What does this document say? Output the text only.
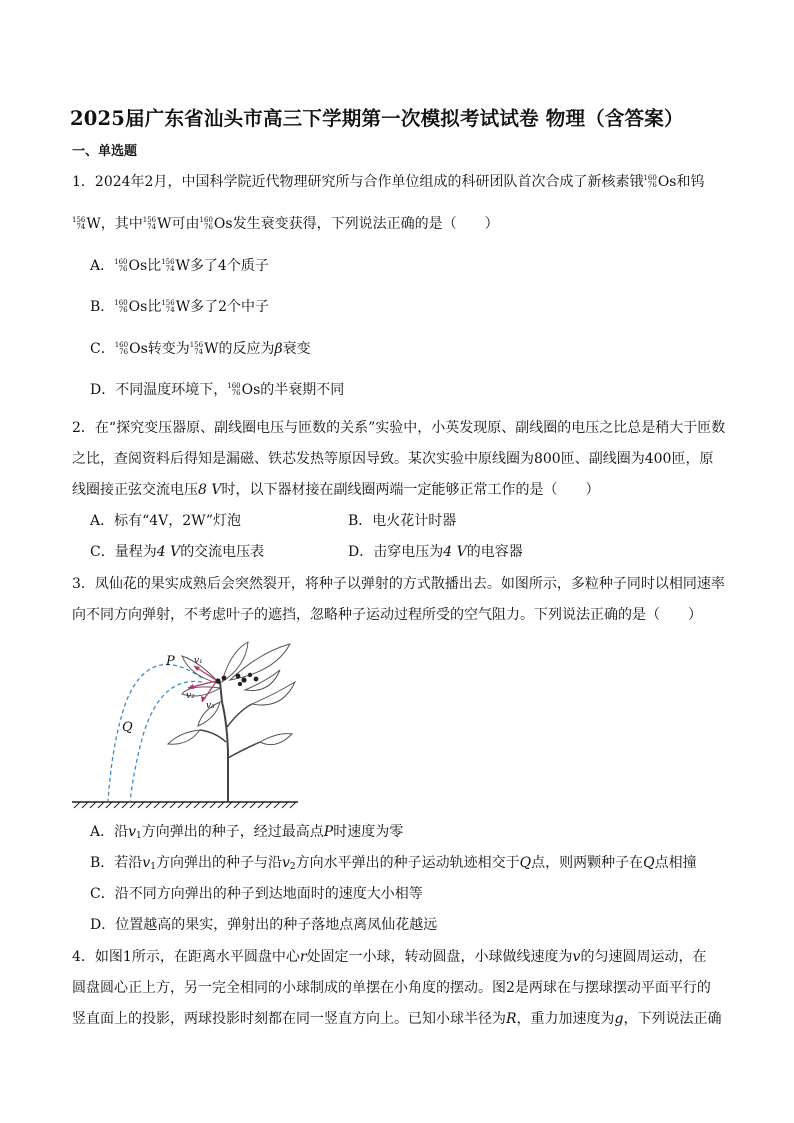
2025届广东省汕头市高三下学期第一次模拟考试试卷 物理（含答案）
一、单选题
1．2024年2月，中国科学院近代物理研究所与合作单位组成的科研团队首次合成了新核素锇 160
76 Os和钨
156
74 W，其中 156
74 W可由 160
76 Os发生衰变获得，下列说法正确的是（　　）
A． 160
76 Os比 156
74 W多了4个质子
B． 160
76 Os比 156
74 W多了2个中子
C． 160
76 Os转变为 156
74 W的反应为β衰变
D．不同温度环境下， 160
76 Os的半衰期不同
2．在“探究变压器原、副线圈电压与匝数的关系”实验中，小英发现原、副线圈的电压之比总是稍大于匝数
之比，查阅资料后得知是漏磁、铁芯发热等原因导致。某次实验中原线圈为800匝、副线圈为400匝，原
线圈接正弦交流电压8 V时，以下器材接在副线圈两端一定能够正常工作的是（　　）
A．标有“4V，2W”灯泡	B．电火花计时器
C．量程为4 V的交流电压表	D．击穿电压为4 V的电容器
3．凤仙花的果实成熟后会突然裂开，将种子以弹射的方式散播出去。如图所示，多粒种子同时以相同速率
向不同方向弹射，不考虑叶子的遮挡，忽略种子运动过程所受的空气阻力。下列说法正确的是（　　）
P
Q
v₁
v₂
v₃
A．沿$v_1$方向弹出的种子，经过最高点P时速度为零
B．若沿$v_1$方向弹出的种子与沿$v_2$方向水平弹出的种子运动轨迹相交于Q点，则两颗种子在Q点相撞
C．沿不同方向弹出的种子到达地面时的速度大小相等
D．位置越高的果实，弹射出的种子落地点离凤仙花越远
4．如图1所示，在距离水平圆盘中心r处固定一小球，转动圆盘，小球做线速度为v的匀速圆周运动，在
圆盘圆心正上方，另一完全相同的小球制成的单摆在小角度的摆动。图2是两球在与摆球摆动平面平行的
竖直面上的投影，两球投影时刻都在同一竖直方向上。已知小球半径为R，重力加速度为g，下列说法正确
